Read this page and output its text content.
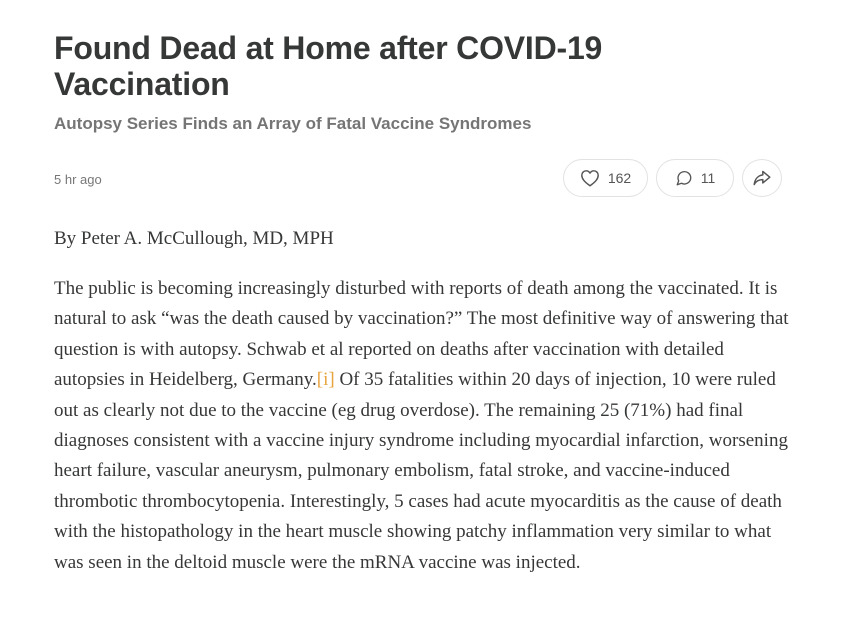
Found Dead at Home after COVID-19 Vaccination
Autopsy Series Finds an Array of Fatal Vaccine Syndromes
5 hr ago	162	11

By Peter A. McCullough, MD, MPH

The public is becoming increasingly disturbed with reports of death among the vaccinated. It is natural to ask “was the death caused by vaccination?” The most definitive way of answering that question is with autopsy. Schwab et al reported on deaths after vaccination with detailed autopsies in Heidelberg, Germany.[i] Of 35 fatalities within 20 days of injection, 10 were ruled out as clearly not due to the vaccine (eg drug overdose). The remaining 25 (71%) had final diagnoses consistent with a vaccine injury syndrome including myocardial infarction, worsening heart failure, vascular aneurysm, pulmonary embolism, fatal stroke, and vaccine-induced thrombotic thrombocytopenia. Interestingly, 5 cases had acute myocarditis as the cause of death with the histopathology in the heart muscle showing patchy inflammation very similar to what was seen in the deltoid muscle were the mRNA vaccine was injected.
